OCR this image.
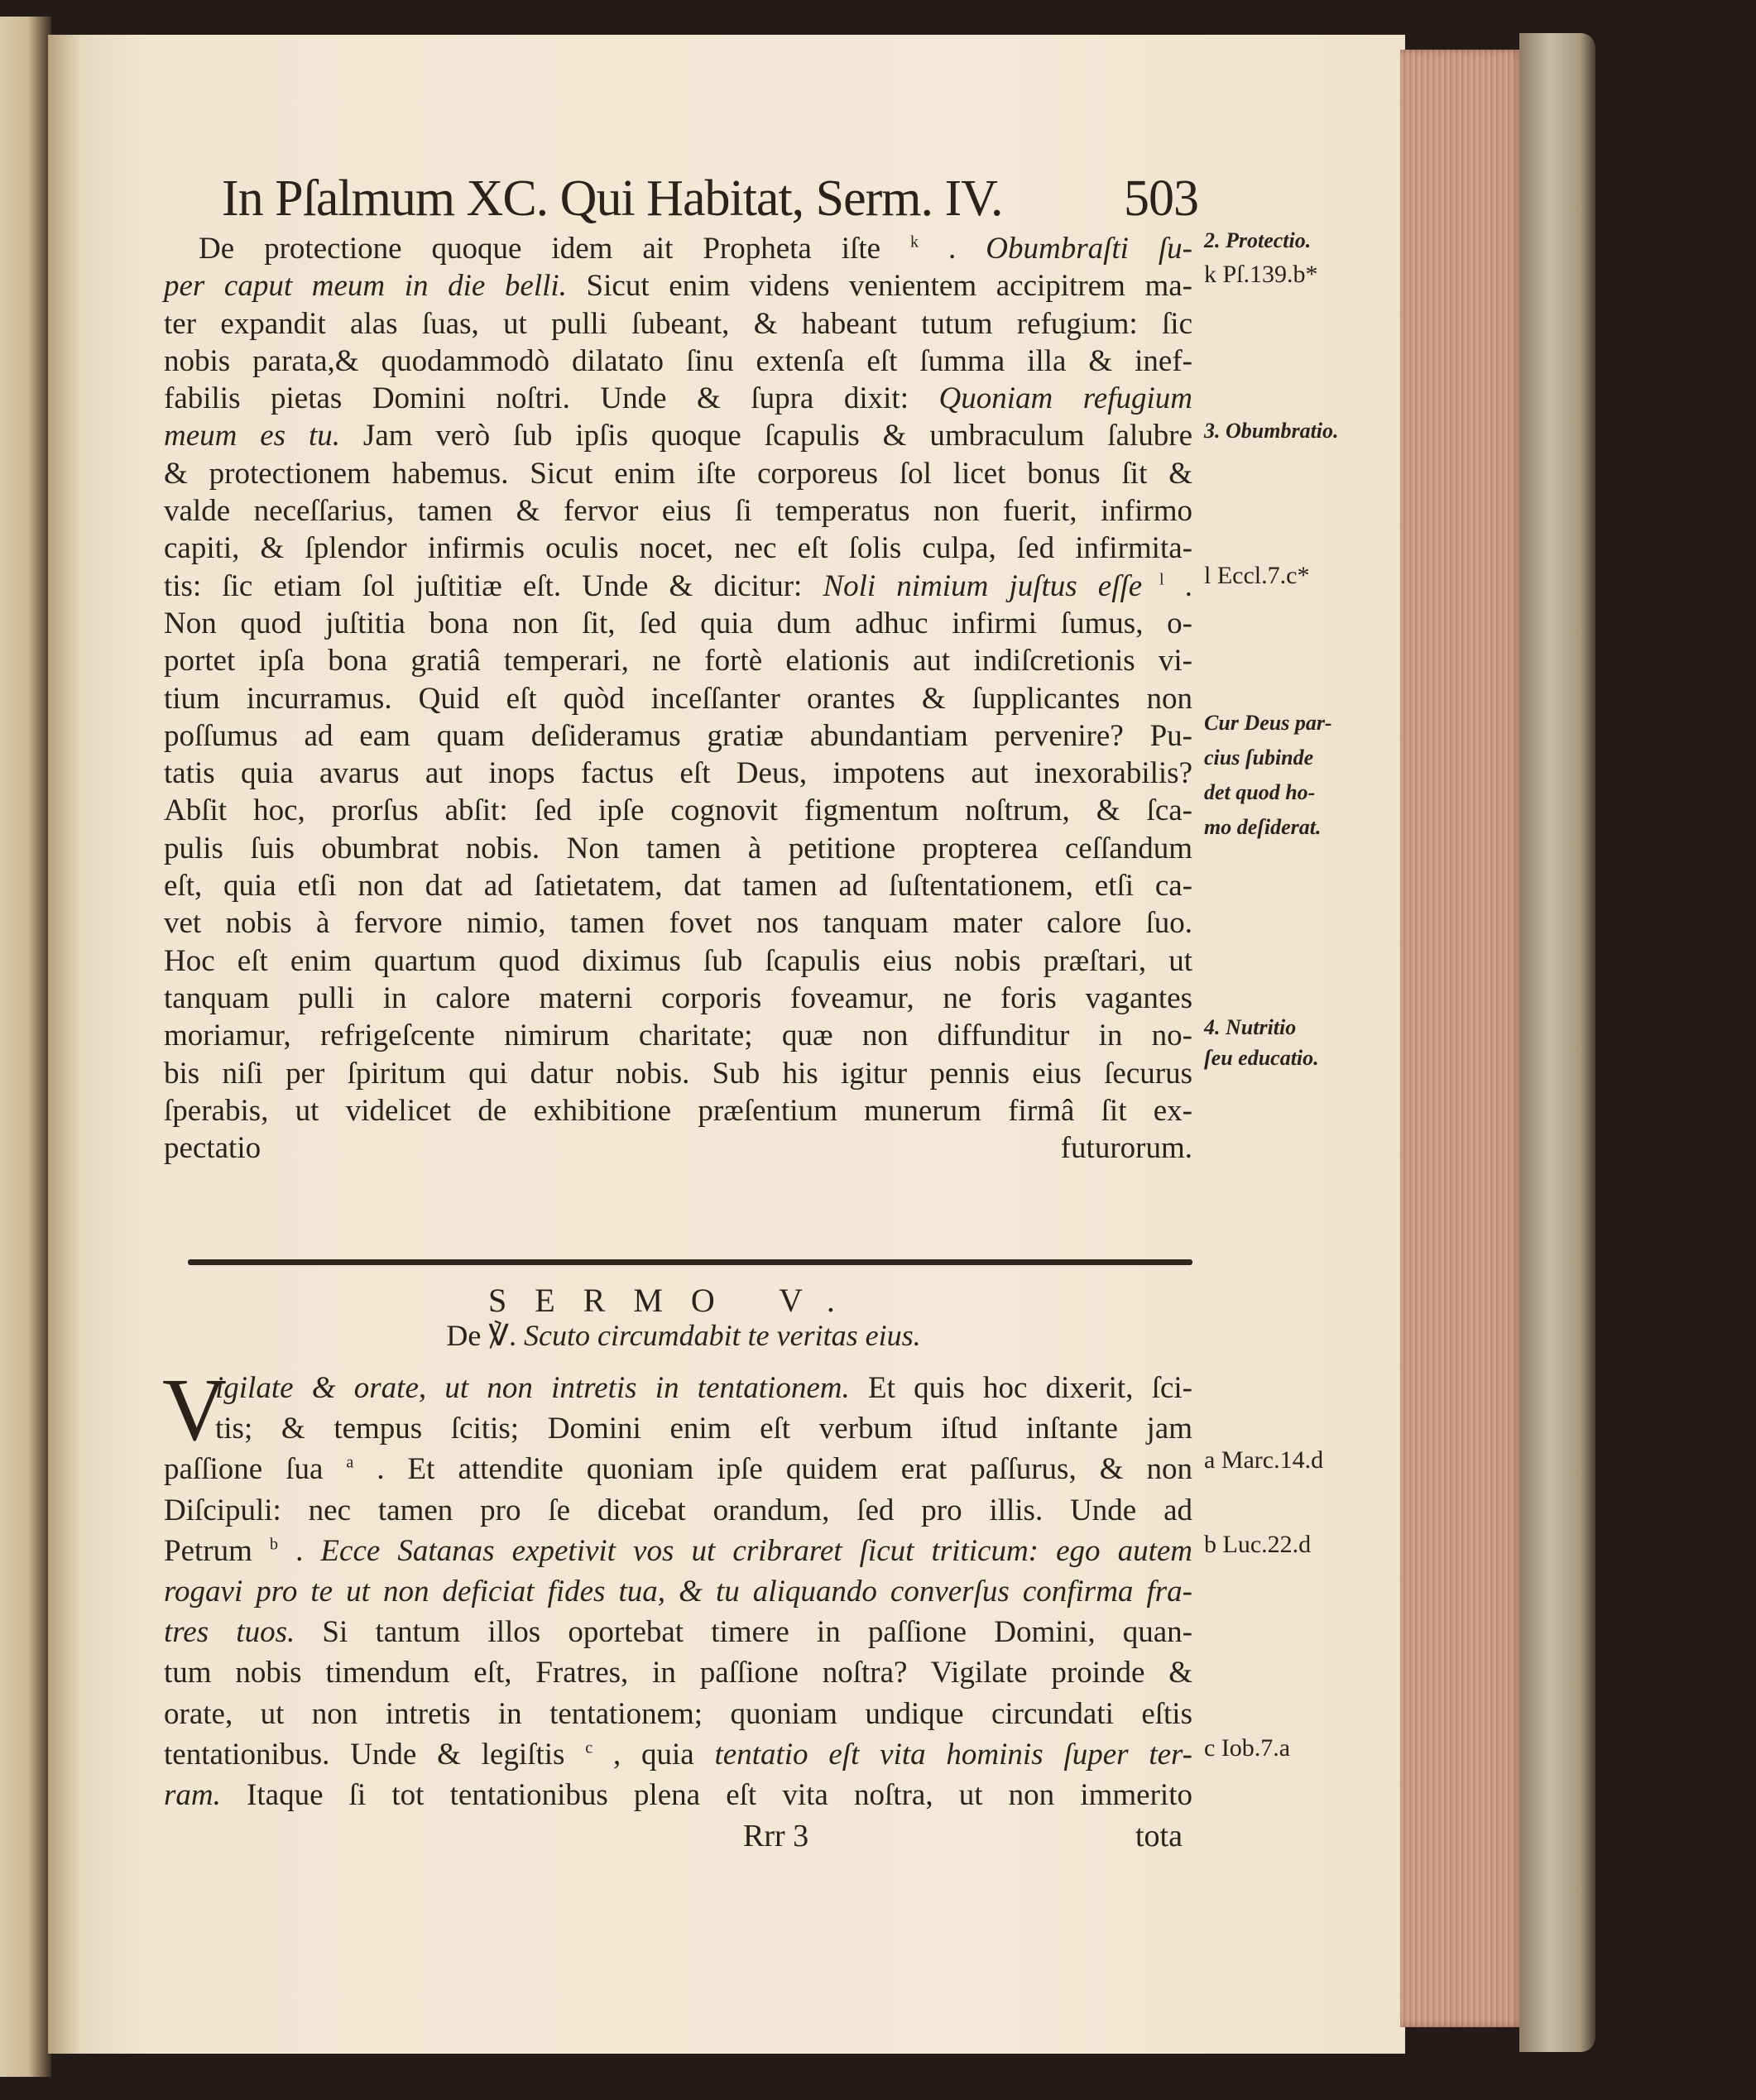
In Pſalmum XC. Qui Habitat, Serm. IV. 503
De protectione quoque idem ait Propheta iſte $^k$ . Obumbraſti ſu-
per caput meum in die belli. Sicut enim videns venientem accipitrem ma-
ter expandit alas ſuas, ut pulli ſubeant, & habeant tutum refugium: ſic
nobis parata,& quodammodò dilatato ſinu extenſa eſt ſumma illa & inef-
fabilis pietas Domini noſtri. Unde & ſupra dixit: Quoniam refugium
meum es tu. Jam verò ſub ipſis quoque ſcapulis & umbraculum ſalubre
& protectionem habemus. Sicut enim iſte corporeus ſol licet bonus ſit &
valde neceſſarius, tamen & fervor eius ſi temperatus non fuerit, infirmo
capiti, & ſplendor infirmis oculis nocet, nec eſt ſolis culpa, ſed infirmita-
tis: ſic etiam ſol juſtitiæ eſt. Unde & dicitur: Noli nimium juſtus eſſe $^l$ .
Non quod juſtitia bona non ſit, ſed quia dum adhuc infirmi ſumus, o-
portet ipſa bona gratiâ temperari, ne fortè elationis aut indiſcretionis vi-
tium incurramus. Quid eſt quòd inceſſanter orantes & ſupplicantes non
poſſumus ad eam quam deſideramus gratiæ abundantiam pervenire? Pu-
tatis quia avarus aut inops factus eſt Deus, impotens aut inexorabilis?
Abſit hoc, prorſus abſit: ſed ipſe cognovit figmentum noſtrum, & ſca-
pulis ſuis obumbrat nobis. Non tamen à petitione propterea ceſſandum
eſt, quia etſi non dat ad ſatietatem, dat tamen ad ſuſtentationem, etſi ca-
vet nobis à fervore nimio, tamen fovet nos tanquam mater calore ſuo.
Hoc eſt enim quartum quod diximus ſub ſcapulis eius nobis præſtari, ut
tanquam pulli in calore materni corporis foveamur, ne foris vagantes
moriamur, refrigeſcente nimirum charitate; quæ non diffunditur in no-
bis niſi per ſpiritum qui datur nobis. Sub his igitur pennis eius ſecurus
ſperabis, ut videlicet de exhibitione præſentium munerum firmâ ſit ex-
pectatio futurorum.
SERMO V.
De ℣. Scuto circumdabit te veritas eius.
V
igilate & orate, ut non intretis in tentationem. Et quis hoc dixerit, ſci-
tis; & tempus ſcitis; Domini enim eſt verbum iſtud inſtante jam
paſſione ſua $^a$ . Et attendite quoniam ipſe quidem erat paſſurus, & non
Diſcipuli: nec tamen pro ſe dicebat orandum, ſed pro illis. Unde ad
Petrum $^b$ . Ecce Satanas expetivit vos ut cribraret ſicut triticum: ego autem
rogavi pro te ut non deficiat fides tua, & tu aliquando converſus confirma fra-
tres tuos. Si tantum illos oportebat timere in paſſione Domini, quan-
tum nobis timendum eſt, Fratres, in paſſione noſtra? Vigilate proinde &
orate, ut non intretis in tentationem; quoniam undique circundati eſtis
tentationibus. Unde & legiſtis $^c$ , quia tentatio eſt vita hominis ſuper ter-
ram. Itaque ſi tot tentationibus plena eſt vita noſtra, ut non immerito
2. Protectio.
k Pſ.139.b*
3. Obumbratio.
l Eccl.7.c*
Cur Deus par-
cius ſubinde
det quod ho-
mo deſiderat.
4. Nutritio
ſeu educatio.
a Marc.14.d
b Luc.22.d
c Iob.7.a
Rrr 3	tota
